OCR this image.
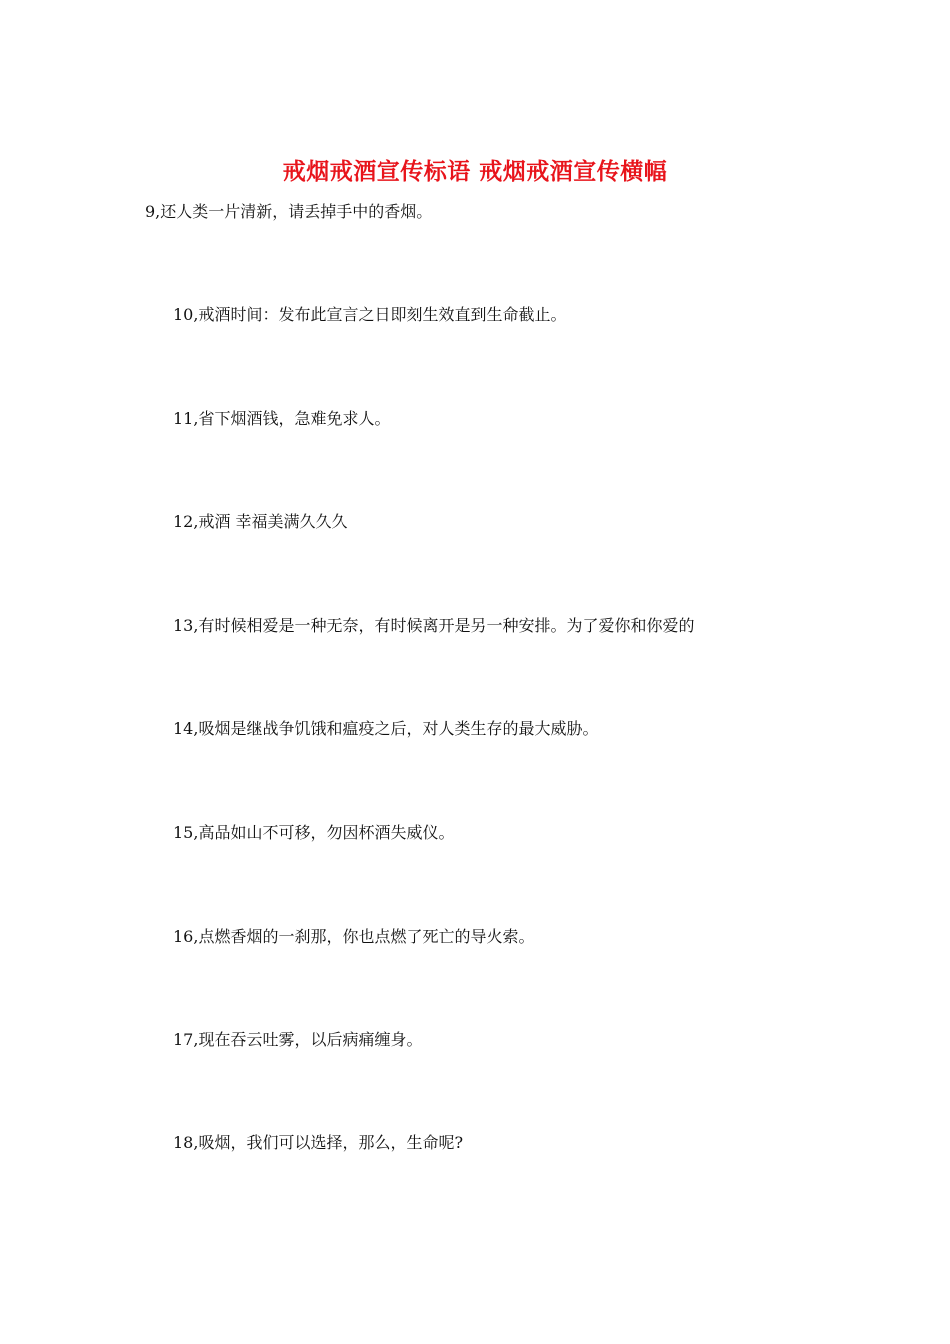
戒烟戒酒宣传标语 戒烟戒酒宣传横幅
9,还人类一片清新，请丢掉手中的香烟。
10,戒酒时间：发布此宣言之日即刻生效直到生命截止。
11,省下烟酒钱，急难免求人。
12,戒酒 幸福美满久久久
13,有时候相爱是一种无奈，有时候离开是另一种安排。为了爱你和你爱的
14,吸烟是继战争饥饿和瘟疫之后，对人类生存的最大威胁。
15,高品如山不可移，勿因杯酒失威仪。
16,点燃香烟的一刹那，你也点燃了死亡的导火索。
17,现在吞云吐雾，以后病痛缠身。
18,吸烟，我们可以选择，那么，生命呢?
